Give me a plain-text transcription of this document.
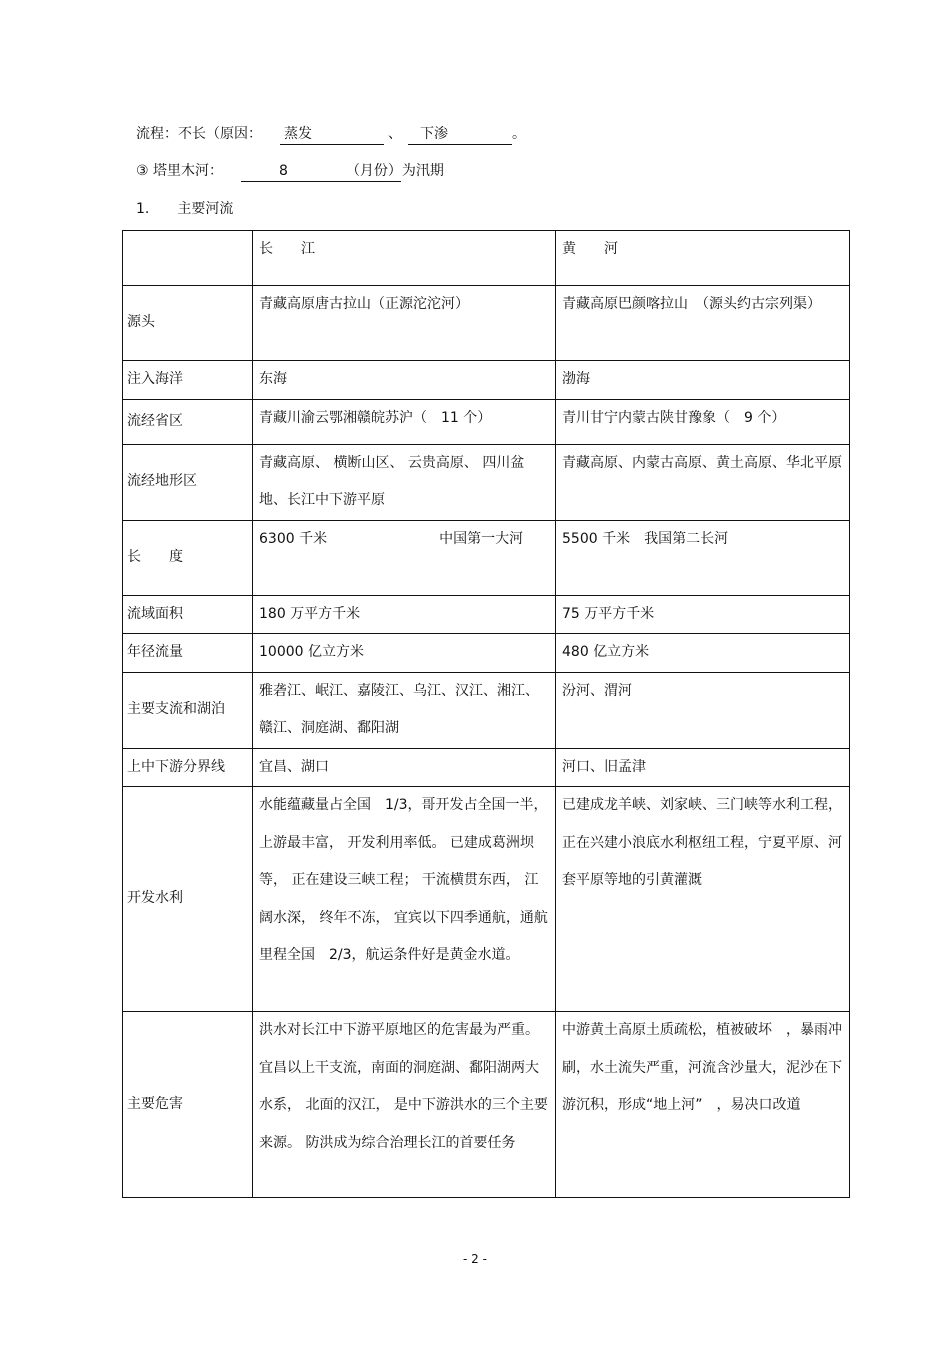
流程：不长（原因： 蒸发	、 下渗	。
③ 塔里木河：	8	（月份）为汛期
1. 主要河流
	长　　江	黄　　河
源头	青藏高原唐古拉山（正源沱沱河）	青藏高原巴颜喀拉山　（源头约古宗列渠）
注入海洋	东海	渤海
流经省区	青藏川渝云鄂湘赣皖苏沪（　11 个）	青川甘宁内蒙古陕甘豫象（　9 个）
流经地形区	青藏高原、 横断山区、 云贵高原、 四川盆地、长江中下游平原	青藏高原、内蒙古高原、黄土高原、华北平原
长　　度	6300 千米　　　　　　　　中国第一大河	5500 千米　我国第二长河
流域面积	180 万平方千米	75 万平方千米
年径流量	10000 亿立方米	480 亿立方米
主要支流和湖泊	雅砻江、岷江、嘉陵江、乌江、汉江、湘江、赣江、洞庭湖、鄱阳湖	汾河、渭河
上中下游分界线	宜昌、湖口	河口、旧孟津
开发水利	水能蕴藏量占全国　1/3，哥开发占全国一半，上游最丰富， 开发利用率低。 已建成葛洲坝等， 正在建设三峡工程； 干流横贯东西， 江阔水深， 终年不冻， 宜宾以下四季通航，通航里程全国　2/3，航运条件好是黄金水道。	已建成龙羊峡、刘家峡、三门峡等水利工程，正在兴建小浪底水利枢纽工程，宁夏平原、河套平原等地的引黄灌溉
主要危害	洪水对长江中下游平原地区的危害最为严重。宜昌以上干支流，南面的洞庭湖、鄱阳湖两大水系， 北面的汉江， 是中下游洪水的三个主要来源。 防洪成为综合治理长江的首要任务	中游黄土高原土质疏松，植被破坏　，暴雨冲刷，水土流失严重，河流含沙量大，泥沙在下游沉积，形成“地上河”　，易决口改道
- 2 -
